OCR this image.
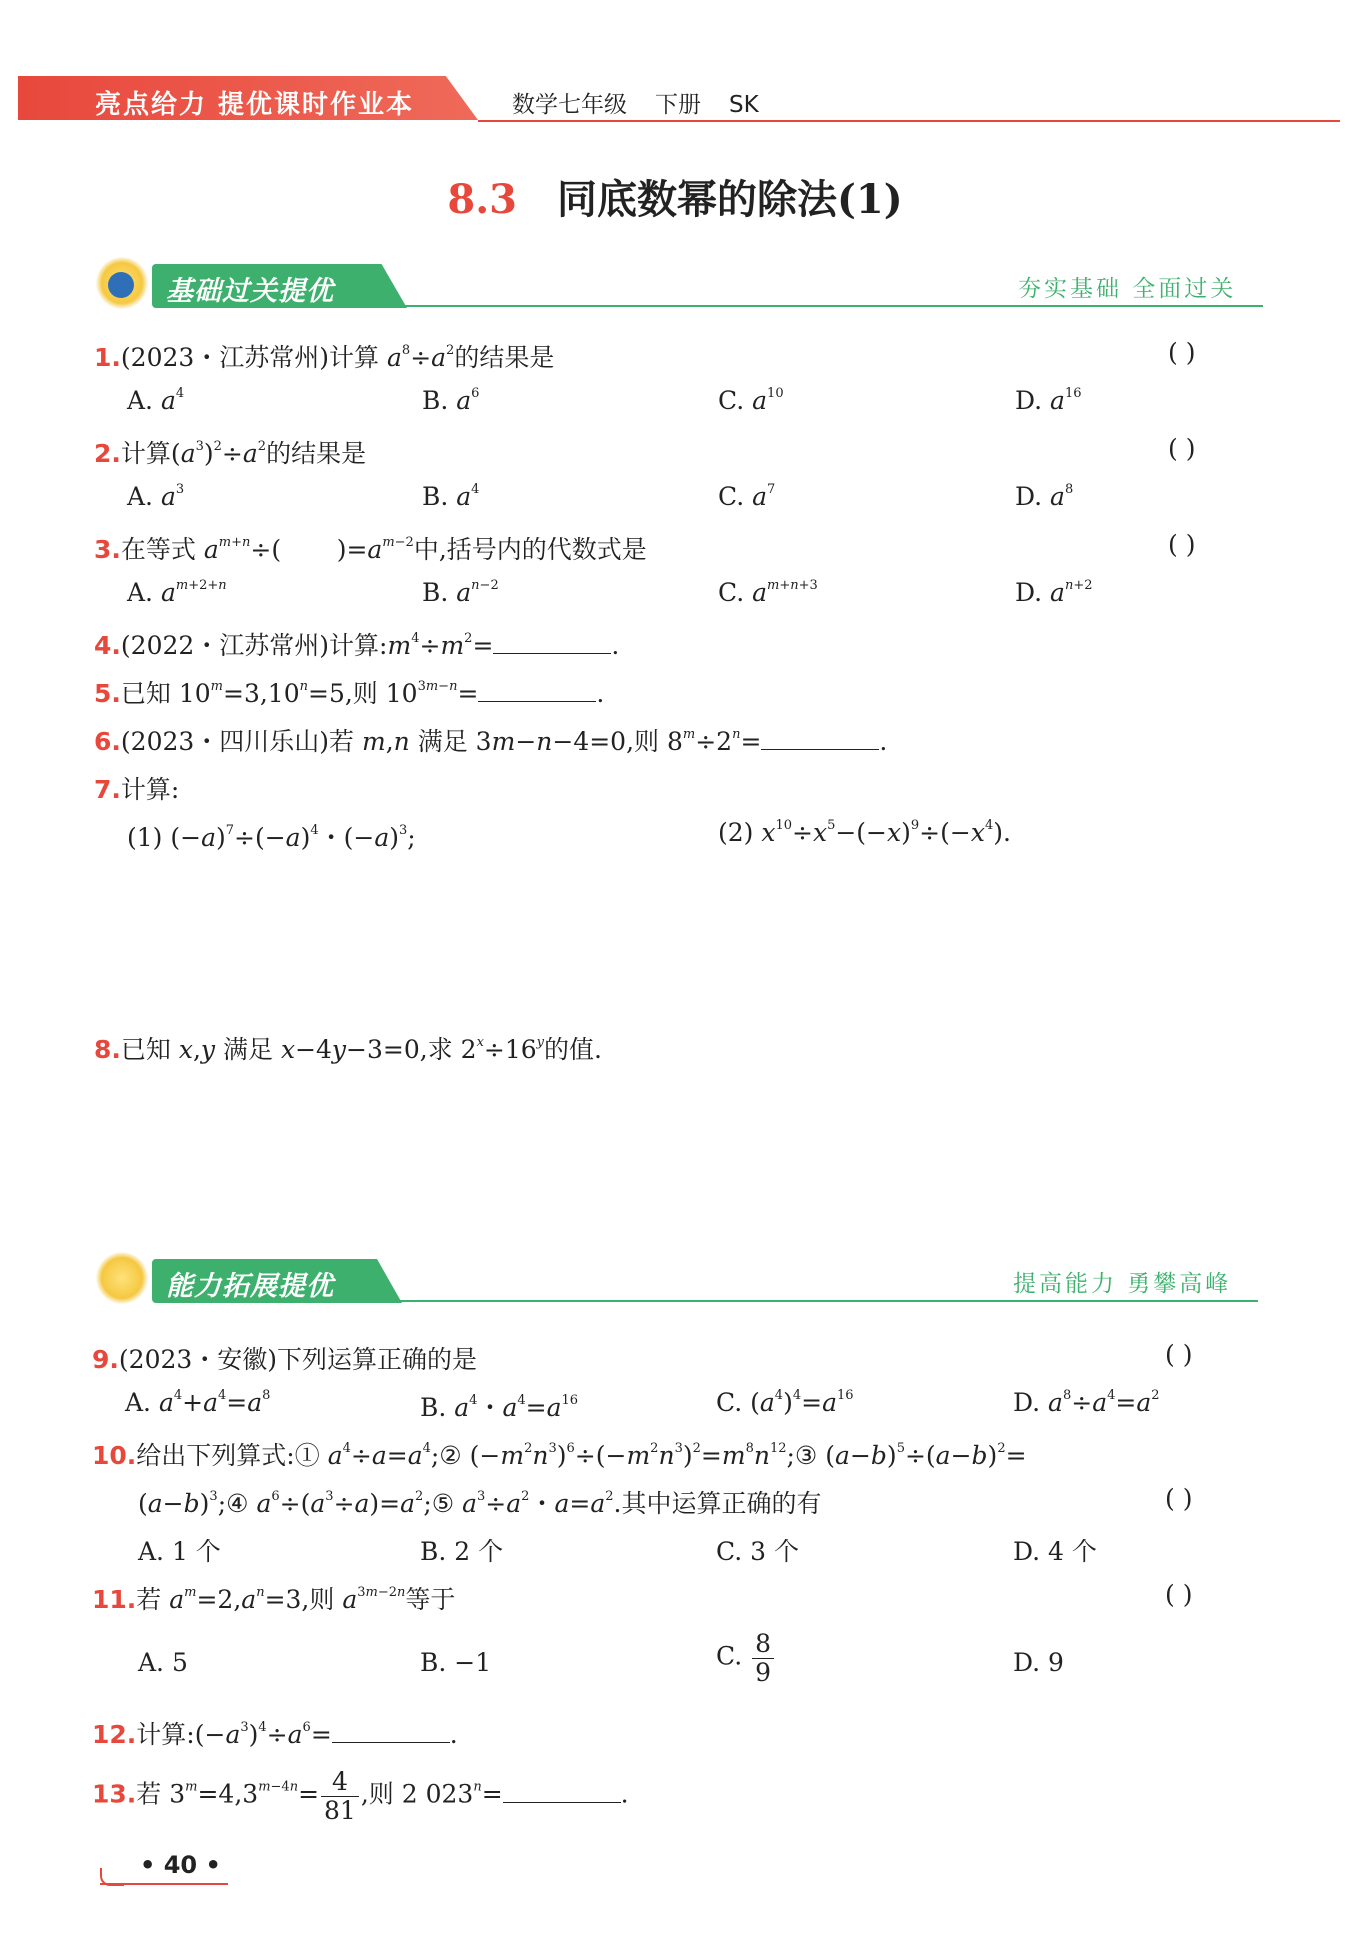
亮点给力 提优课时作业本	数学七年级 下册 SK
8.3 同底数幂的除法(1)
基础过关提优	夯实基础 全面过关
1.(2023・江苏常州)计算 $a^8\div a^2$的结果是	( )
A. $a^4$	B. $a^6$	C. $a^{10}$	D. $a^{16}$
2.计算$(a^3)^2\div a^2$的结果是	( )
A. $a^3$	B. $a^4$	C. $a^7$	D. $a^8$
3.在等式 $a^{m+n}\div$(       )$=a^{m-2}$中,括号内的代数式是	( )
A. $a^{m+2+n}$	B. $a^{n-2}$	C. $a^{m+n+3}$	D. $a^{n+2}$
4.(2022・江苏常州)计算$:m^4\div m^2=$	.
5.已知 $10^m=3,10^n=5$,则 $10^{3m-n}=$	.
6.(2023・四川乐山)若 m,n 满足 3m−n−4=0,则 $8^m\div 2^n=$	.
7.计算:
(1) $(-a)^7\div(-a)^4$・$(-a)^3$;	(2) $x^{10}\div x^5-(-x)^9\div(-x^4)$.
8.已知 x,y 满足 x−4y−3=0,求 $2^x\div 16^y$的值.
能力拓展提优	提高能力 勇攀高峰
9.(2023・安徽)下列运算正确的是	( )
A. $a^4+a^4=a^8$	B. $a^4$・$a^4=a^{16}$	C. $(a^4)^4=a^{16}$	D. $a^8\div a^4=a^2$
10.给出下列算式:① $a^4\div a=a^4;②$ $(-m^2n^3)^6\div(-m^2n^3)^2=m^8n^{12};③$ $(a-b)^5\div(a-b)^2=$
$(a-b)^3;④$ $a^6\div(a^3\div a)=a^2;⑤$ $a^3\div a^2$・$a=a^2$.其中运算正确的有	( )
A. 1 个	B. 2 个	C. 3 个	D. 4 个
11.若 $a^m=2,a^n=3$,则 $a^{3m-2n}$等于	( )
A. 5	B. −1	C. $\frac{8}{9}$	D. 9
12.计算$:(-a^3)^4\div a^6=$	.
13.若 $3^m=4,3^{m-4n}= \frac{4}{81}$ ,则 2 $023^n=$	.
• 40 •
